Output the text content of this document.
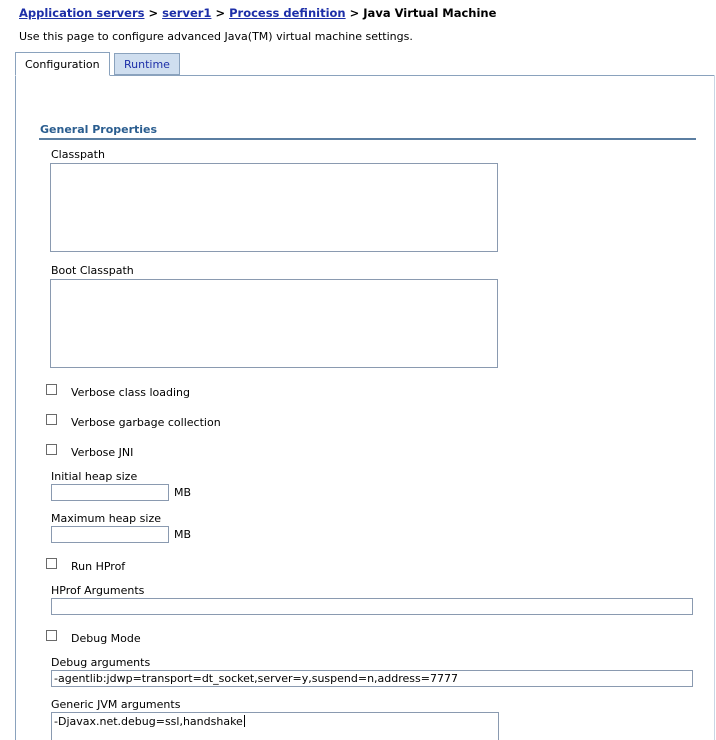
Application servers > server1 > Process definition > Java Virtual Machine
Use this page to configure advanced Java(TM) virtual machine settings.
Configuration	Runtime
General Properties
Classpath
Boot Classpath
Verbose class loading
Verbose garbage collection
Verbose JNI
Initial heap size
MB
Maximum heap size
MB
Run HProf
HProf Arguments
Debug Mode
Debug arguments
-agentlib:jdwp=transport=dt_socket,server=y,suspend=n,address=7777
Generic JVM arguments
-Djavax.net.debug=ssl,handshake
